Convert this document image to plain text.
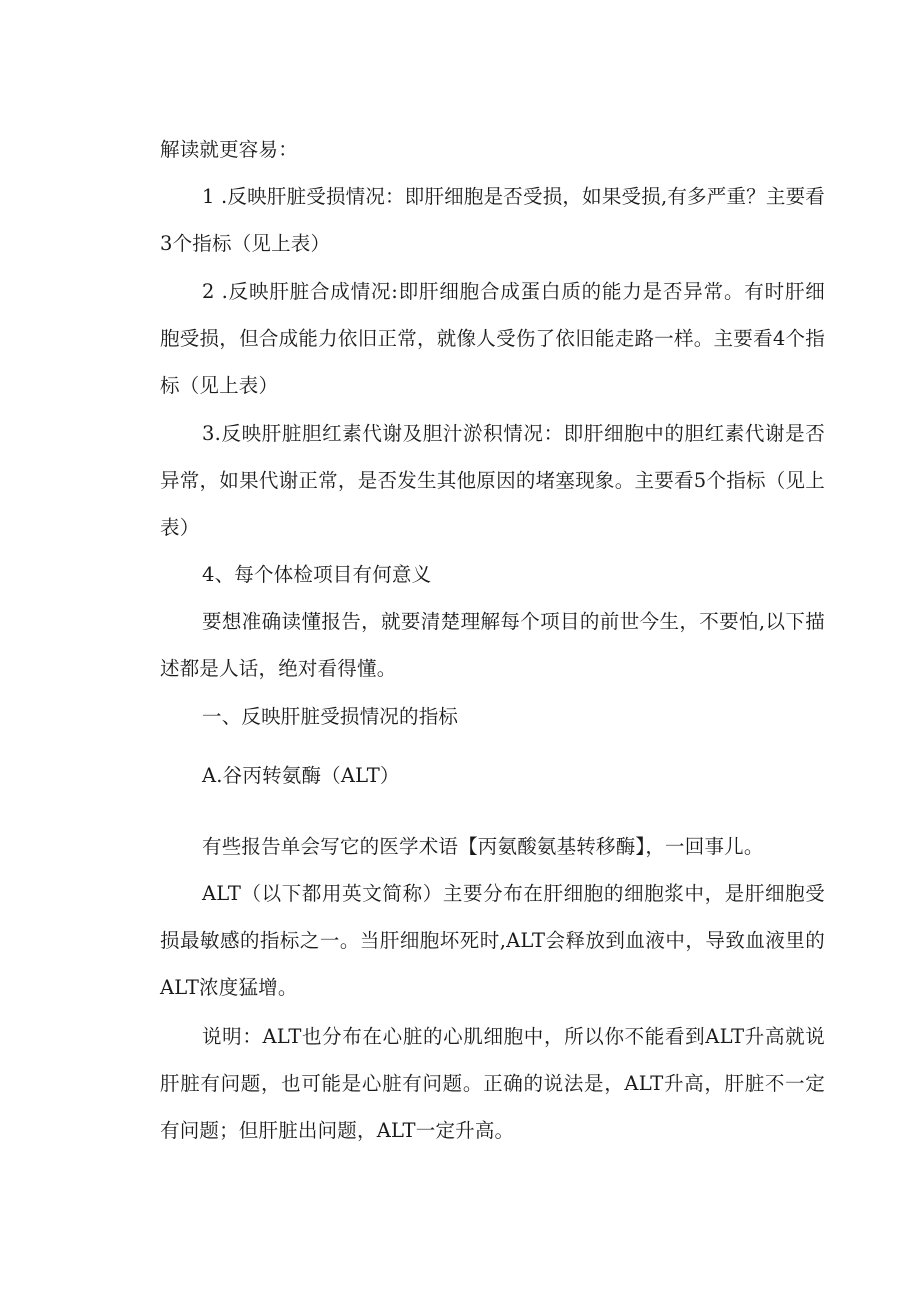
解读就更容易：

1 .反映肝脏受损情况：即肝细胞是否受损，如果受损,有多严重？主要看3个指标（见上表）

2 .反映肝脏合成情况:即肝细胞合成蛋白质的能力是否异常。有时肝细胞受损，但合成能力依旧正常，就像人受伤了依旧能走路一样。主要看4个指标（见上表）

3.反映肝脏胆红素代谢及胆汁淤积情况：即肝细胞中的胆红素代谢是否异常，如果代谢正常，是否发生其他原因的堵塞现象。主要看5个指标（见上表）

4、每个体检项目有何意义

要想准确读懂报告，就要清楚理解每个项目的前世今生，不要怕,以下描述都是人话，绝对看得懂。

一、反映肝脏受损情况的指标

A.谷丙转氨酶（ALT）

有些报告单会写它的医学术语【丙氨酸氨基转移酶】，一回事儿。

ALT（以下都用英文简称）主要分布在肝细胞的细胞浆中，是肝细胞受损最敏感的指标之一。当肝细胞坏死时,ALT会释放到血液中，导致血液里的ALT浓度猛增。

说明：ALT也分布在心脏的心肌细胞中，所以你不能看到ALT升高就说肝脏有问题，也可能是心脏有问题。正确的说法是，ALT升高，肝脏不一定有问题；但肝脏出问题，ALT一定升高。
